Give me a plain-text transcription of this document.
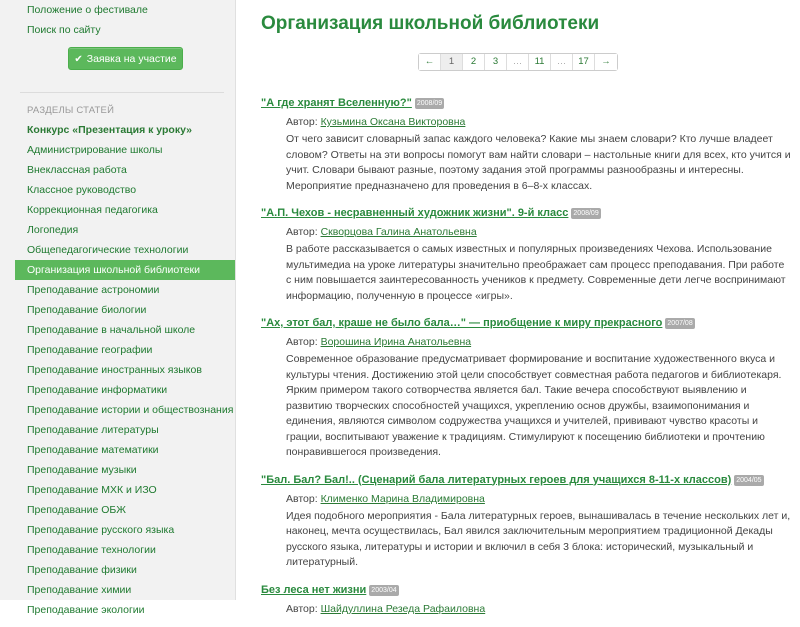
Положение о фестивале
Поиск по сайту
✔ Заявка на участие
РАЗДЕЛЫ СТАТЕЙ
Конкурс «Презентация к уроку»
Администрирование школы
Внеклассная работа
Классное руководство
Коррекционная педагогика
Логопедия
Общепедагогические технологии
Организация школьной библиотеки
Преподавание астрономии
Преподавание биологии
Преподавание в начальной школе
Преподавание географии
Преподавание иностранных языков
Преподавание информатики
Преподавание истории и обществознания
Преподавание литературы
Преподавание математики
Преподавание музыки
Преподавание МХК и ИЗО
Преподавание ОБЖ
Преподавание русского языка
Преподавание технологии
Преподавание физики
Преподавание химии
Преподавание экологии
Организация школьной библиотеки
←	1	2	3	…	11	…	17	→
"А где хранят Вселенную?" 2008/09
Автор: Кузьмина Оксана Викторовна
От чего зависит словарный запас каждого человека? Какие мы знаем словари? Кто лучше владеет словом? Ответы на эти вопросы помогут вам найти словари – настольные книги для всех, кто учится и учит. Словари бывают разные, поэтому задания этой программы разнообразны и интересны. Мероприятие предназначено для проведения в 6–8-х классах.
"А.П. Чехов - несравненный художник жизни". 9-й класс 2008/09
Автор: Скворцова Галина Анатольевна
В работе рассказывается о самых известных и популярных произведениях Чехова. Использование мультимедиа на уроке литературы значительно преображает сам процесс преподавания. При работе с ним повышается заинтересованность учеников к предмету. Современные дети легче воспринимают информацию, полученную в процессе «игры».
"Ах, этот бал, краше не было бала…" — приобщение к миру прекрасного 2007/08
Автор: Ворошина Ирина Анатольевна
Современное образование предусматривает формирование и воспитание художественного вкуса и культуры чтения. Достижению этой цели способствует совместная работа педагогов и библиотекаря. Ярким примером такого сотворчества является бал. Такие вечера способствуют выявлению и развитию творческих способностей учащихся, укреплению основ дружбы, взаимопонимания и единения, являются символом содружества учащихся и учителей, прививают чувство красоты и грации, воспитывают уважение к традициям. Стимулируют к посещению библиотеки и прочтению понравившегося произведения.
"Бал. Бал? Бал!.. (Сценарий бала литературных героев для учащихся 8-11-х классов) 2004/05
Автор: Клименко Марина Владимировна
Идея подобного мероприятия - Бала литературных героев, вынашивалась в течение нескольких лет и, наконец, мечта осуществилась, Бал явился заключительным мероприятием традиционной Декады русского языка, литературы и истории и включил в себя 3 блока: исторический, музыкальный и литературный.
Без леса нет жизни 2003/04
Автор: Шайдуллина Резеда Рафаиловна
